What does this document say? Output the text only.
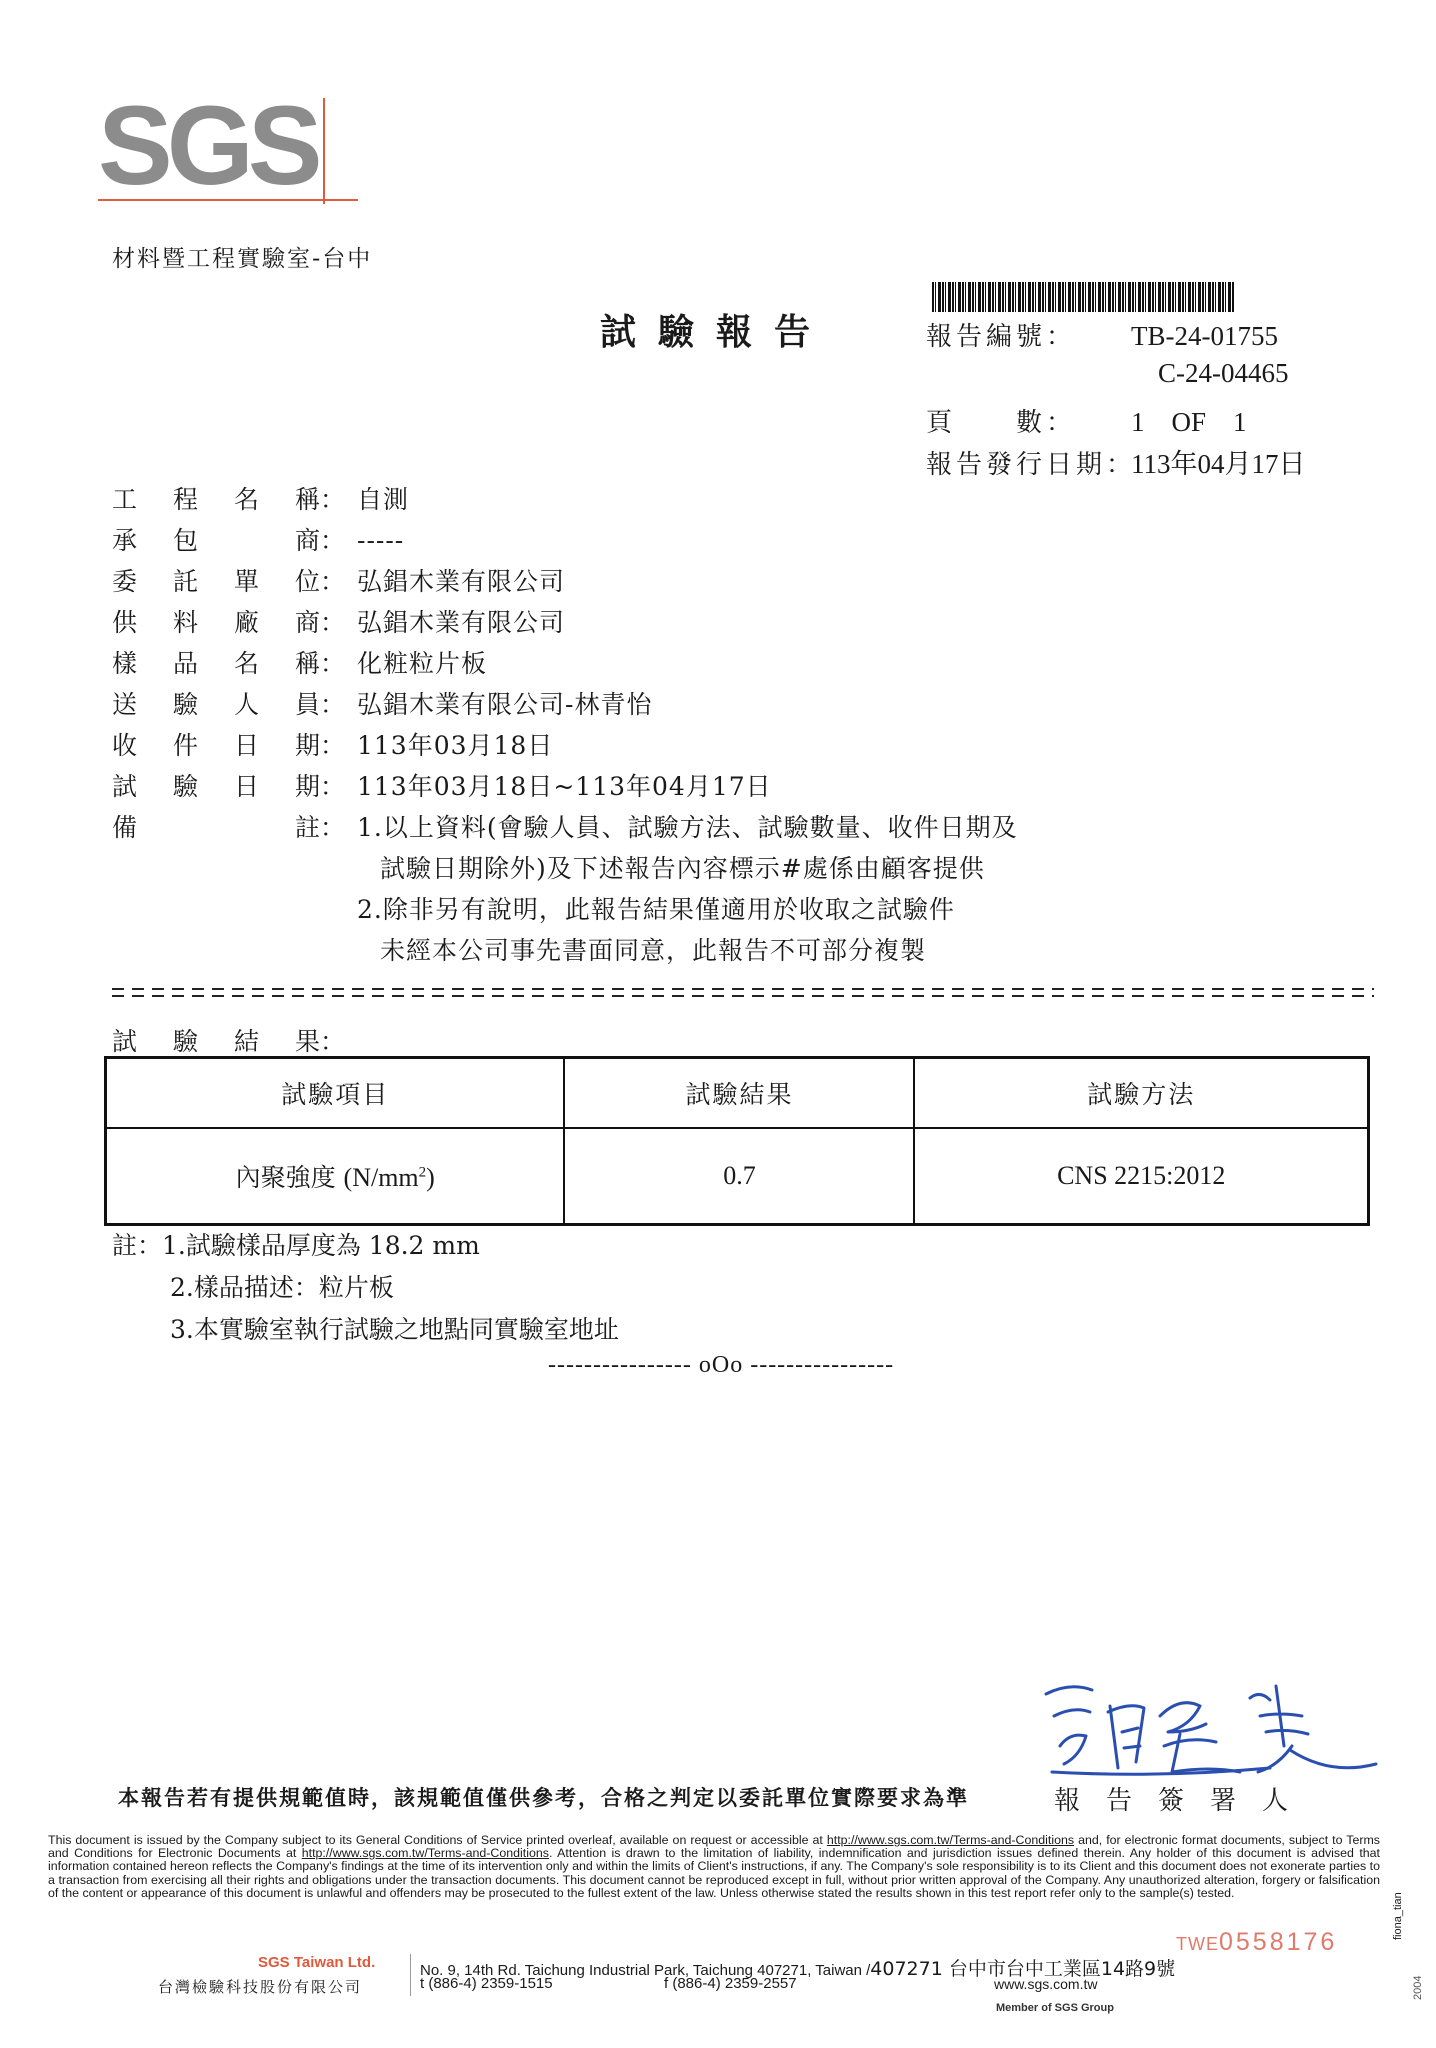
SGS
材料暨工程實驗室-台中
試驗報告	報告編號： TB-24-01755
C-24-04465
頁　　數： 1　OF　1
報告發行日期：113年04月17日
工 程 名 稱： 自測
承 包	商： -----
委 託 單 位： 弘錩木業有限公司
供 料 廠 商： 弘錩木業有限公司
樣 品 名 稱： 化粧粒片板
送 驗 人 員： 弘錩木業有限公司-林青怡
收 件 日 期： 113年03月18日
試 驗 日 期： 113年03月18日~113年04月17日
備	註： 1.以上資料(會驗人員、試驗方法、試驗數量、收件日期及
試驗日期除外)及下述報告內容標示#處係由顧客提供
2.除非另有說明，此報告結果僅適用於收取之試驗件
未經本公司事先書面同意，此報告不可部分複製
試 驗 結 果：
試驗項目	試驗結果	試驗方法
內聚強度 $(N/mm^2)$	0.7	CNS 2215:2012
註：1.試驗樣品厚度為 18.2 mm
2.樣品描述：粒片板
3.本實驗室執行試驗之地點同實驗室地址
---------------- oOo ----------------
本報告若有提供規範值時，該規範值僅供參考，合格之判定以委託單位實際要求為準	報告簽署人
This document is issued by the Company subject to its General Conditions of Service printed overleaf, available on request or accessible at http://www.sgs.com.tw/Terms-and-Conditions and, for electronic format documents, subject to Terms and Conditions for Electronic Documents at http://www.sgs.com.tw/Terms-and-Conditions. Attention is drawn to the limitation of liability, indemnification and jurisdiction issues defined therein. Any holder of this document is advised that information contained hereon reflects the Company's findings at the time of its intervention only and within the limits of Client's instructions, if any. The Company's sole responsibility is to its Client and this document does not exonerate parties to a transaction from exercising all their rights and obligations under the transaction documents. This document cannot be reproduced except in full, without prior written approval of the Company. Any unauthorized alteration, forgery or falsification of the content or appearance of this document is unlawful and offenders may be prosecuted to the fullest extent of the law. Unless otherwise stated the results shown in this test report refer only to the sample(s) tested.
TWE0558176
SGS Taiwan Ltd.
台灣檢驗科技股份有限公司
No. 9, 14th Rd. Taichung Industrial Park, Taichung 407271, Taiwan /407271 台中市台中工業區14路9號
t (886-4) 2359-1515	f (886-4) 2359-2557	www.sgs.com.tw
Member of SGS Group
fiona_tian
2004
